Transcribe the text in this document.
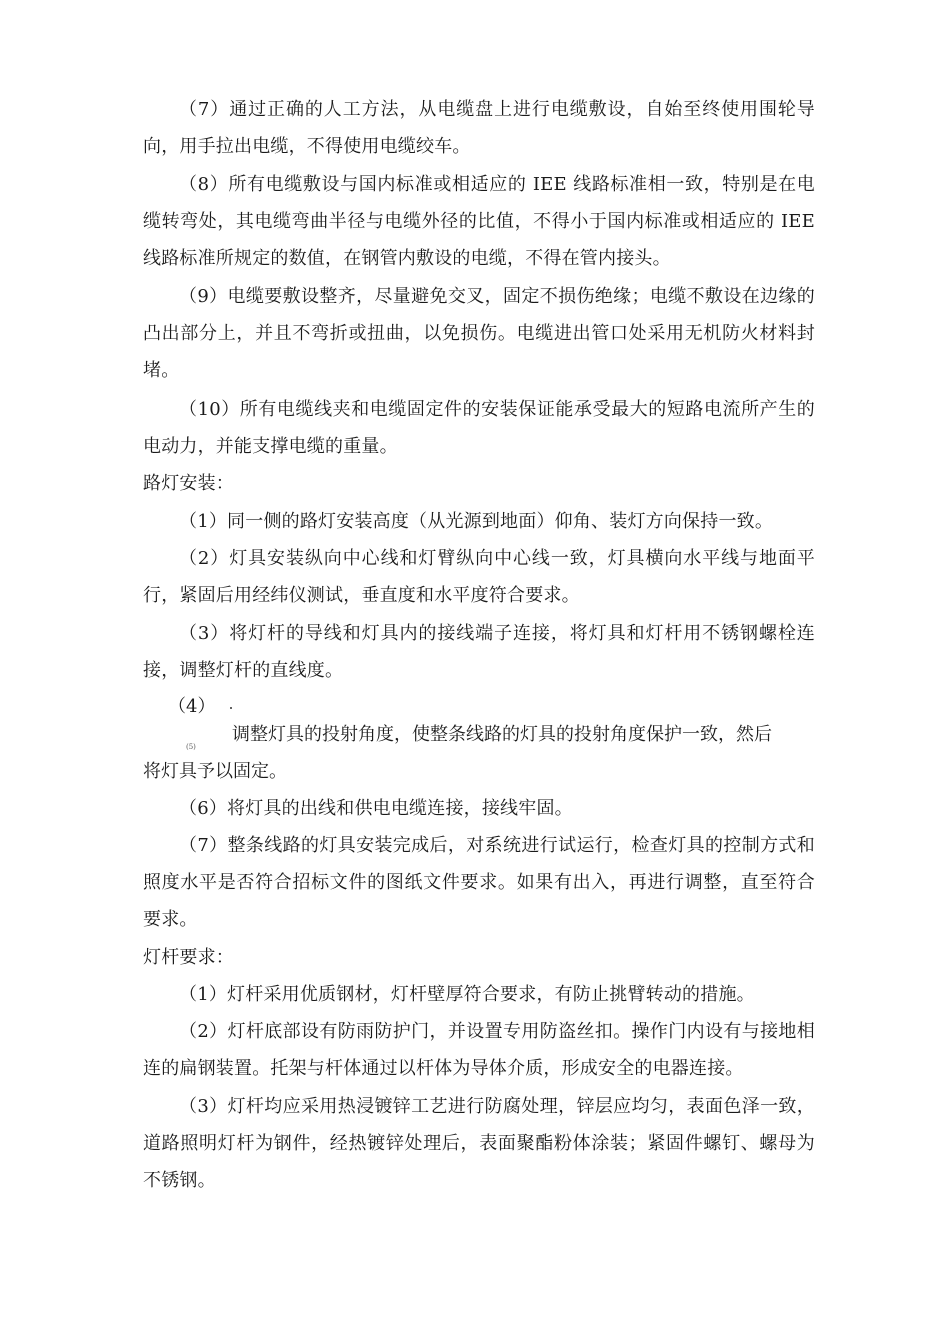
（7）通过正确的人工方法，从电缆盘上进行电缆敷设，自始至终使用围轮导向，用手拉出电缆，不得使用电缆绞车。

（8）所有电缆敷设与国内标准或相适应的 IEE 线路标准相一致，特别是在电缆转弯处，其电缆弯曲半径与电缆外径的比值，不得小于国内标准或相适应的 IEE 线路标准所规定的数值，在钢管内敷设的电缆，不得在管内接头。

（9）电缆要敷设整齐，尽量避免交叉，固定不损伤绝缘；电缆不敷设在边缘的凸出部分上，并且不弯折或扭曲，以免损伤。电缆进出管口处采用无机防火材料封堵。

（10）所有电缆线夹和电缆固定件的安装保证能承受最大的短路电流所产生的电动力，并能支撑电缆的重量。

路灯安装：

（1）同一侧的路灯安装高度（从光源到地面）仰角、装灯方向保持一致。

（2）灯具安装纵向中心线和灯臂纵向中心线一致，灯具横向水平线与地面平行，紧固后用经纬仪测试，垂直度和水平度符合要求。

（3）将灯杆的导线和灯具内的接线端子连接，将灯具和灯杆用不锈钢螺栓连接，调整灯杆的直线度。

（4）
(5)

调整灯具的投射角度，使整条线路的灯具的投射角度保护一致，然后

将灯具予以固定。

（6）将灯具的出线和供电电缆连接，接线牢固。

（7）整条线路的灯具安装完成后，对系统进行试运行，检查灯具的控制方式和照度水平是否符合招标文件的图纸文件要求。如果有出入，再进行调整，直至符合要求。

灯杆要求：

（1）灯杆采用优质钢材，灯杆壁厚符合要求，有防止挑臂转动的措施。

（2）灯杆底部设有防雨防护门，并设置专用防盗丝扣。操作门内设有与接地相连的扁钢装置。托架与杆体通过以杆体为导体介质，形成安全的电器连接。

（3）灯杆均应采用热浸镀锌工艺进行防腐处理，锌层应均匀，表面色泽一致，道路照明灯杆为钢件，经热镀锌处理后，表面聚酯粉体涂装；紧固件螺钉、螺母为不锈钢。
